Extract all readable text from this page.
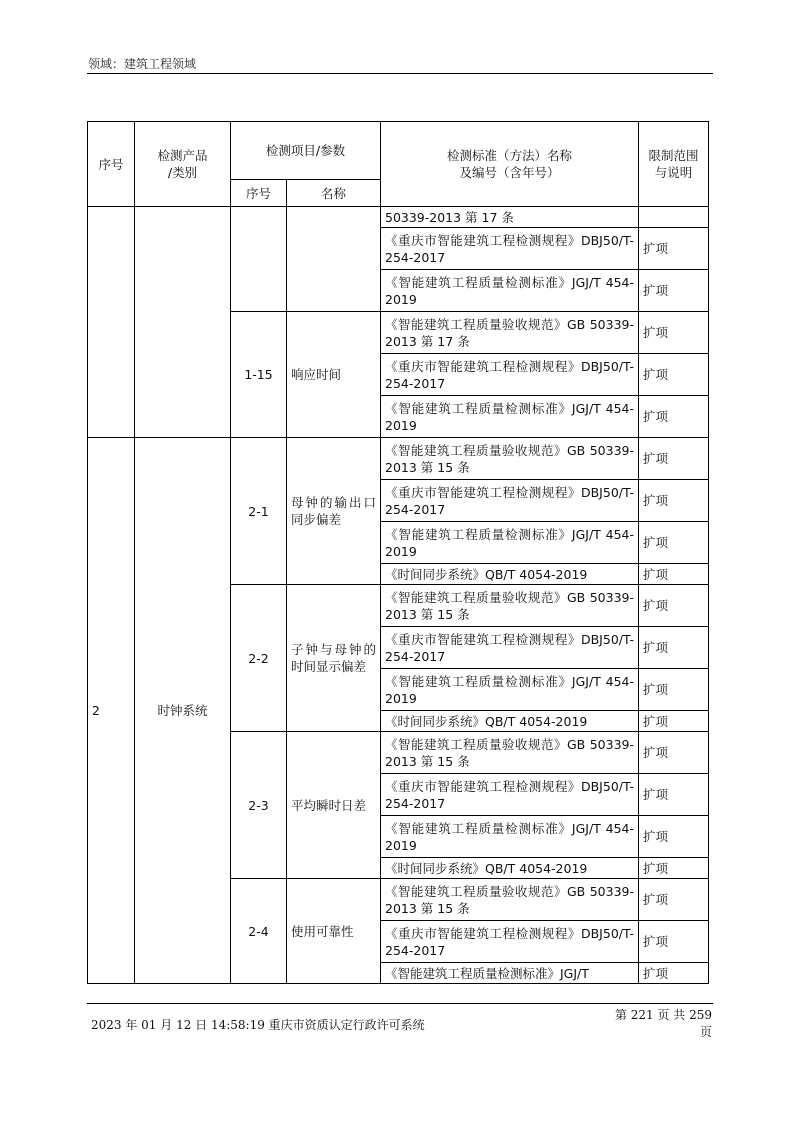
领域：建筑工程领域
序号	检测产品
/类别	检测项目/参数		检测标准（方法）名称
及编号（含年号）	限制范围
与说明
		序号	名称		
				50339-2013 第 17 条	
				《重庆市智能建筑工程检测规程》DBJ50/T-254-2017	扩项
				《智能建筑工程质量检测标准》JGJ/T 454-2019	扩项
		1-15	响应时间	《智能建筑工程质量验收规范》GB 50339-2013 第 17 条	扩项
				《重庆市智能建筑工程检测规程》DBJ50/T-254-2017	扩项
				《智能建筑工程质量检测标准》JGJ/T 454-2019	扩项
2	时钟系统	2-1	母钟的输出口同步偏差	《智能建筑工程质量验收规范》GB 50339-2013 第 15 条	扩项
				《重庆市智能建筑工程检测规程》DBJ50/T-254-2017	扩项
				《智能建筑工程质量检测标准》JGJ/T 454-2019	扩项
				《时间同步系统》QB/T 4054-2019	扩项
		2-2	子钟与母钟的时间显示偏差	《智能建筑工程质量验收规范》GB 50339-2013 第 15 条	扩项
				《重庆市智能建筑工程检测规程》DBJ50/T-254-2017	扩项
				《智能建筑工程质量检测标准》JGJ/T 454-2019	扩项
				《时间同步系统》QB/T 4054-2019	扩项
		2-3	平均瞬时日差	《智能建筑工程质量验收规范》GB 50339-2013 第 15 条	扩项
				《重庆市智能建筑工程检测规程》DBJ50/T-254-2017	扩项
				《智能建筑工程质量检测标准》JGJ/T 454-2019	扩项
				《时间同步系统》QB/T 4054-2019	扩项
		2-4	使用可靠性	《智能建筑工程质量验收规范》GB 50339-2013 第 15 条	扩项
				《重庆市智能建筑工程检测规程》DBJ50/T-254-2017	扩项
				《智能建筑工程质量检测标准》JGJ/T	扩项
2023 年 01 月 12 日 14:58:19 重庆市资质认定行政许可系统
第 221 页 共 259 页
